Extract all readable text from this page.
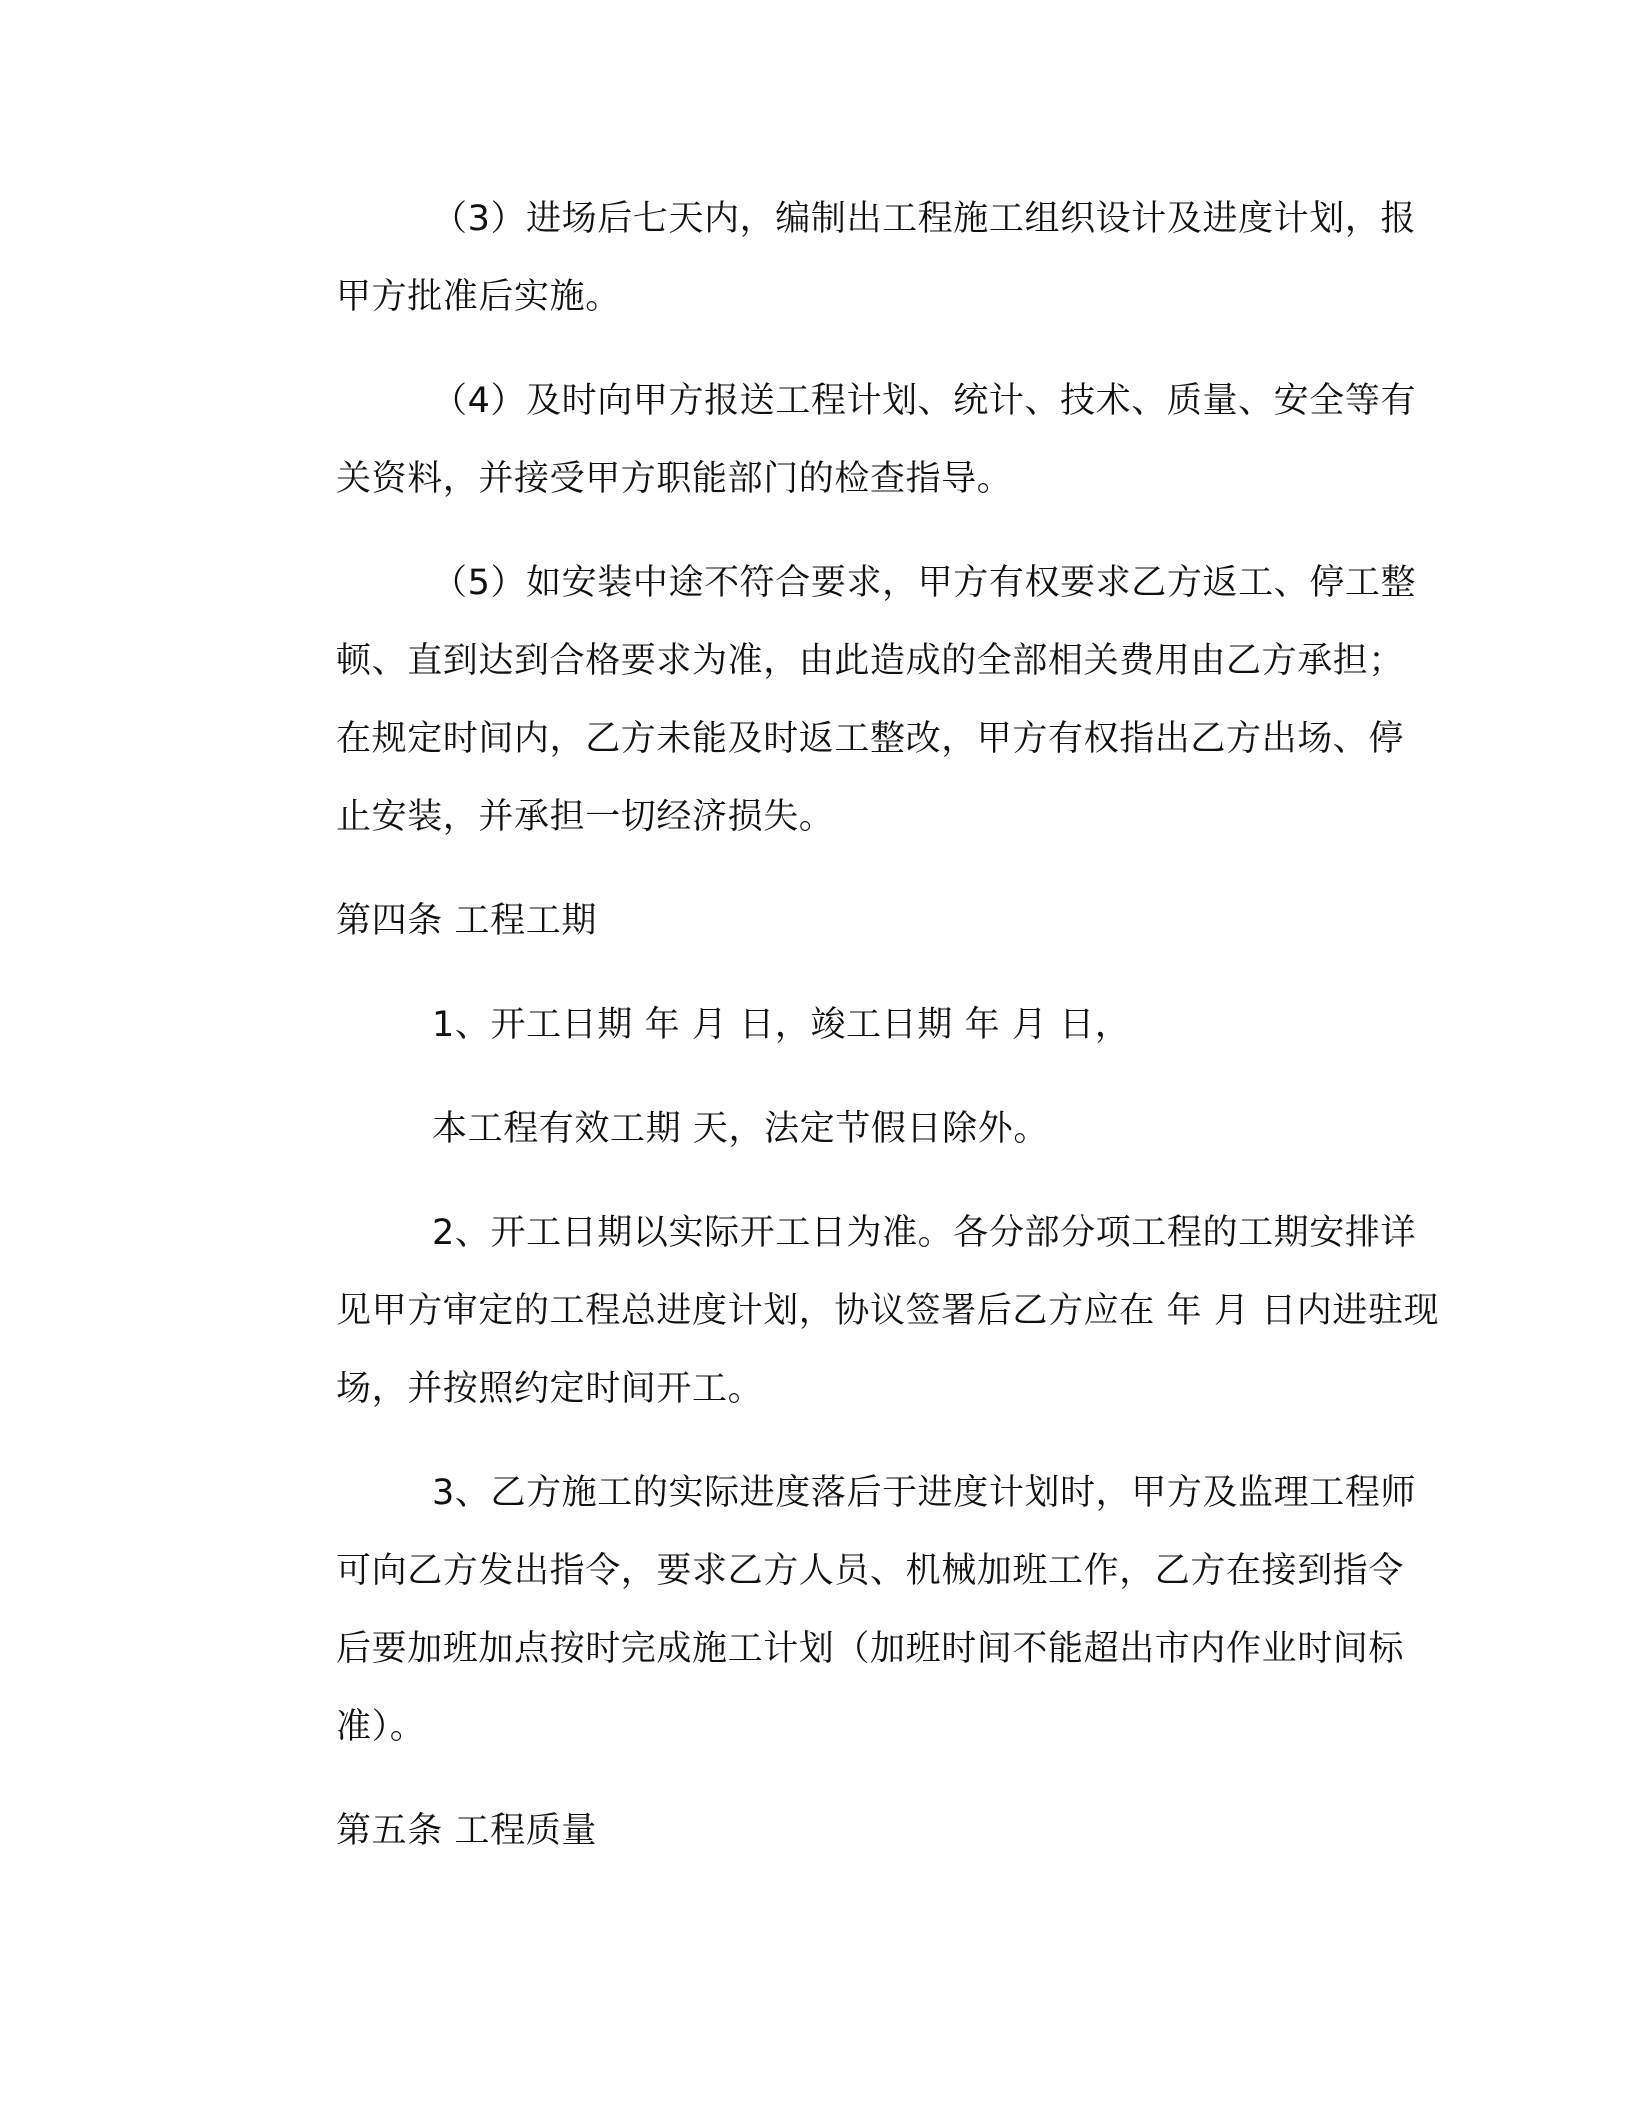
（3）进场后七天内，编制出工程施工组织设计及进度计划，报
甲方批准后实施。
（4）及时向甲方报送工程计划、统计、技术、质量、安全等有
关资料，并接受甲方职能部门的检查指导。
（5）如安装中途不符合要求，甲方有权要求乙方返工、停工整
顿、直到达到合格要求为准，由此造成的全部相关费用由乙方承担；
在规定时间内，乙方未能及时返工整改，甲方有权指出乙方出场、停
止安装，并承担一切经济损失。
第四条 工程工期
1、开工日期 年 月 日，竣工日期 年 月 日，
本工程有效工期 天，法定节假日除外。
2、开工日期以实际开工日为准。各分部分项工程的工期安排详
见甲方审定的工程总进度计划，协议签署后乙方应在 年 月 日内进驻现
场，并按照约定时间开工。
3、乙方施工的实际进度落后于进度计划时，甲方及监理工程师
可向乙方发出指令，要求乙方人员、机械加班工作，乙方在接到指令
后要加班加点按时完成施工计划（加班时间不能超出市内作业时间标
准）。
第五条 工程质量
